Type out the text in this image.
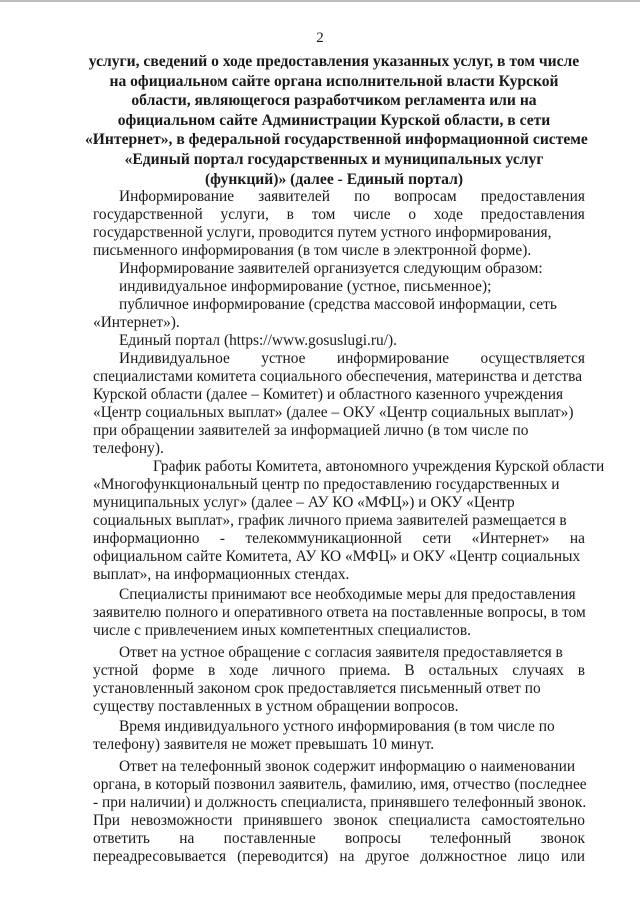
2
услуги, сведений о ходе предоставления указанных услуг, в том числе
на официальном сайте органа исполнительной власти Курской
области, являющегося разработчиком регламента или на
официальном сайте Администрации Курской области, в сети
«Интернет», в федеральной государственной информационной системе
«Единый портал государственных и муниципальных услуг
(функций)» (далее - Единый портал)
Информирование заявителей по вопросам предоставления
государственной услуги, в том числе о ходе предоставления
государственной услуги, проводится путем устного информирования,
письменного информирования (в том числе в электронной форме).
Информирование заявителей организуется следующим образом:
индивидуальное информирование (устное, письменное);
публичное информирование (средства массовой информации, сеть
«Интернет»).
Единый портал (https://www.gosuslugi.ru/).
Индивидуальное устное информирование осуществляется
специалистами комитета социального обеспечения, материнства и детства
Курской области (далее – Комитет) и областного казенного учреждения
«Центр социальных выплат» (далее – ОКУ «Центр социальных выплат»)
при обращении заявителей за информацией лично (в том числе по
телефону).
График работы Комитета, автономного учреждения Курской области
«Многофункциональный центр по предоставлению государственных и
муниципальных услуг» (далее – АУ КО «МФЦ») и ОКУ «Центр
социальных выплат», график личного приема заявителей размещается в
информационно - телекоммуникационной сети «Интернет» на
официальном сайте Комитета, АУ КО «МФЦ» и ОКУ «Центр социальных
выплат», на информационных стендах.
Специалисты принимают все необходимые меры для предоставления
заявителю полного и оперативного ответа на поставленные вопросы, в том
числе с привлечением иных компетентных специалистов.
Ответ на устное обращение с согласия заявителя предоставляется в
устной форме в ходе личного приема. В остальных случаях в
установленный законом срок предоставляется письменный ответ по
существу поставленных в устном обращении вопросов.
Время индивидуального устного информирования (в том числе по
телефону) заявителя не может превышать 10 минут.
Ответ на телефонный звонок содержит информацию о наименовании
органа, в который позвонил заявитель, фамилию, имя, отчество (последнее
- при наличии) и должность специалиста, принявшего телефонный звонок.
При невозможности принявшего звонок специалиста самостоятельно
ответить на поставленные вопросы телефонный звонок
переадресовывается (переводится) на другое должностное лицо или
